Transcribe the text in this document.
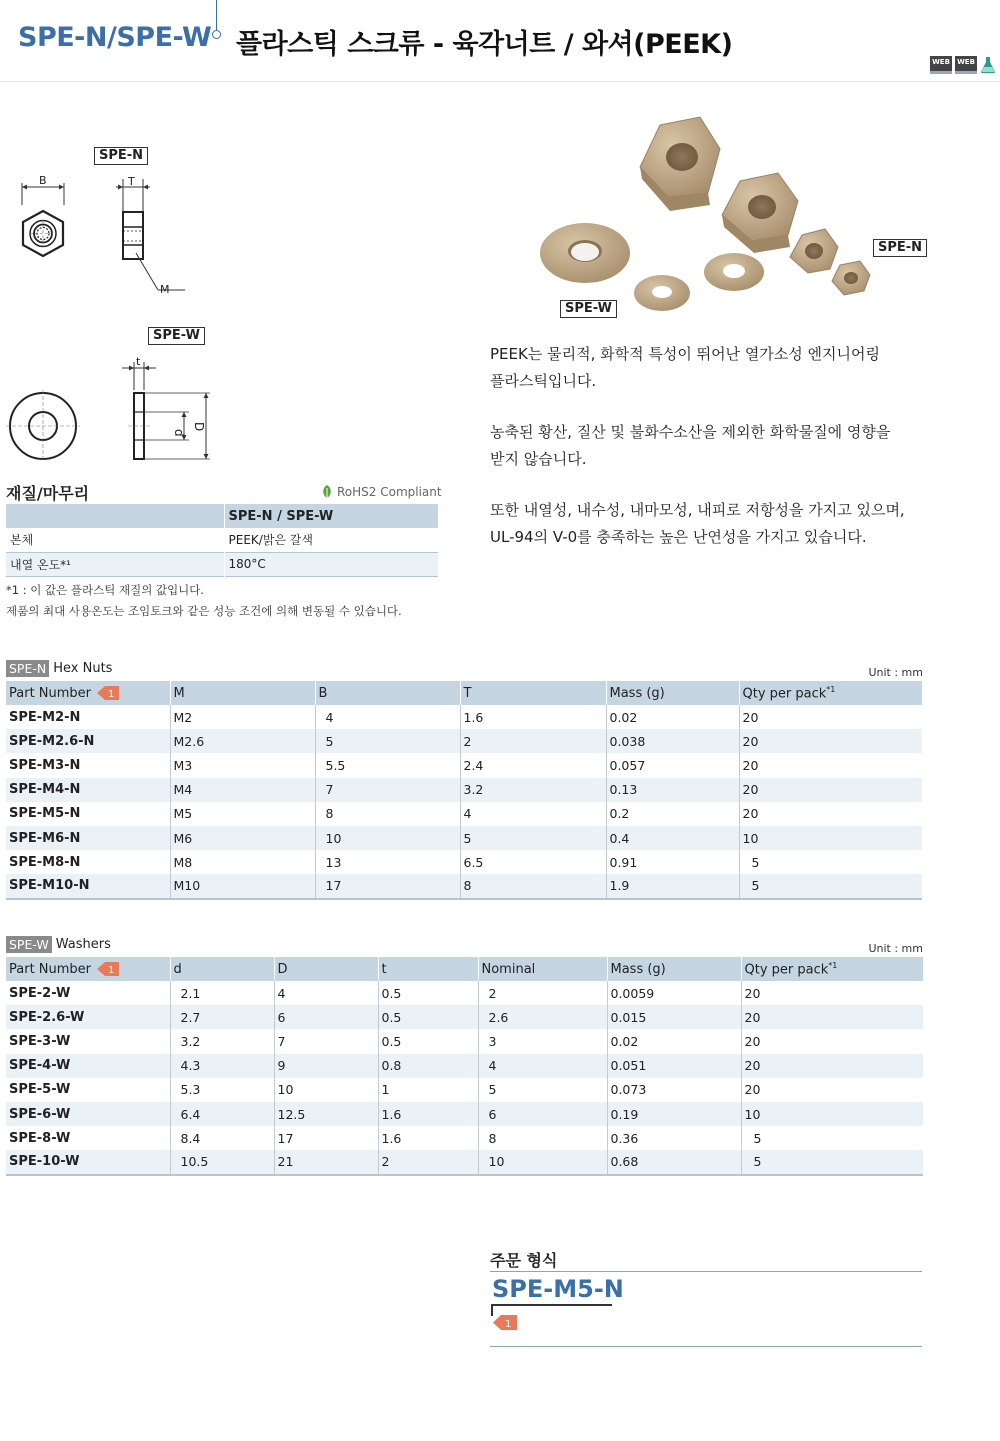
SPE-N/SPE-W 플라스틱 스크류 - 육각너트 / 와셔(PEEK)
WEB WEB
SPE-N
B	T
M
SPE-W
t
d
D
SPE-N
SPE-W
PEEK는 물리적, 화학적 특성이 뛰어난 열가소성 엔지니어링
플라스틱입니다.
농축된 황산, 질산 및 불화수소산을 제외한 화학물질에 영향을
받지 않습니다.
또한 내열성, 내수성, 내마모성, 내피로 저항성을 가지고 있으며,
UL-94의 V-0를 충족하는 높은 난연성을 가지고 있습니다.
재질/마무리	RoHS2 Compliant
	SPE-N / SPE-W
본체	PEEK/밝은 갈색
내열 온도*¹	180°C
*1 : 이 값은 플라스틱 재질의 값입니다.
제품의 최대 사용온도는 조임토크와 같은 성능 조건에 의해 변동될 수 있습니다.
SPE-N Hex Nuts	Unit : mm
Part Number 1	M	B	T	Mass (g)	Qty per pack$^{*1}$
SPE-M2-N	M2	4	1.6	0.02	20
SPE-M2.6-N	M2.6	5	2	0.038	20
SPE-M3-N	M3	5.5	2.4	0.057	20
SPE-M4-N	M4	7	3.2	0.13	20
SPE-M5-N	M5	8	4	0.2	20
SPE-M6-N	M6	10	5	0.4	10
SPE-M8-N	M8	13	6.5	0.91	5
SPE-M10-N	M10	17	8	1.9	5
SPE-W Washers	Unit : mm
Part Number 1	d	D	t	Nominal	Mass (g)	Qty per pack$^{*1}$
SPE-2-W	2.1	4	0.5	2	0.0059	20
SPE-2.6-W	2.7	6	0.5	2.6	0.015	20
SPE-3-W	3.2	7	0.5	3	0.02	20
SPE-4-W	4.3	9	0.8	4	0.051	20
SPE-5-W	5.3	10	1	5	0.073	20
SPE-6-W	6.4	12.5	1.6	6	0.19	10
SPE-8-W	8.4	17	1.6	8	0.36	5
SPE-10-W	10.5	21	2	10	0.68	5
주문 형식
SPE-M5-N
1
